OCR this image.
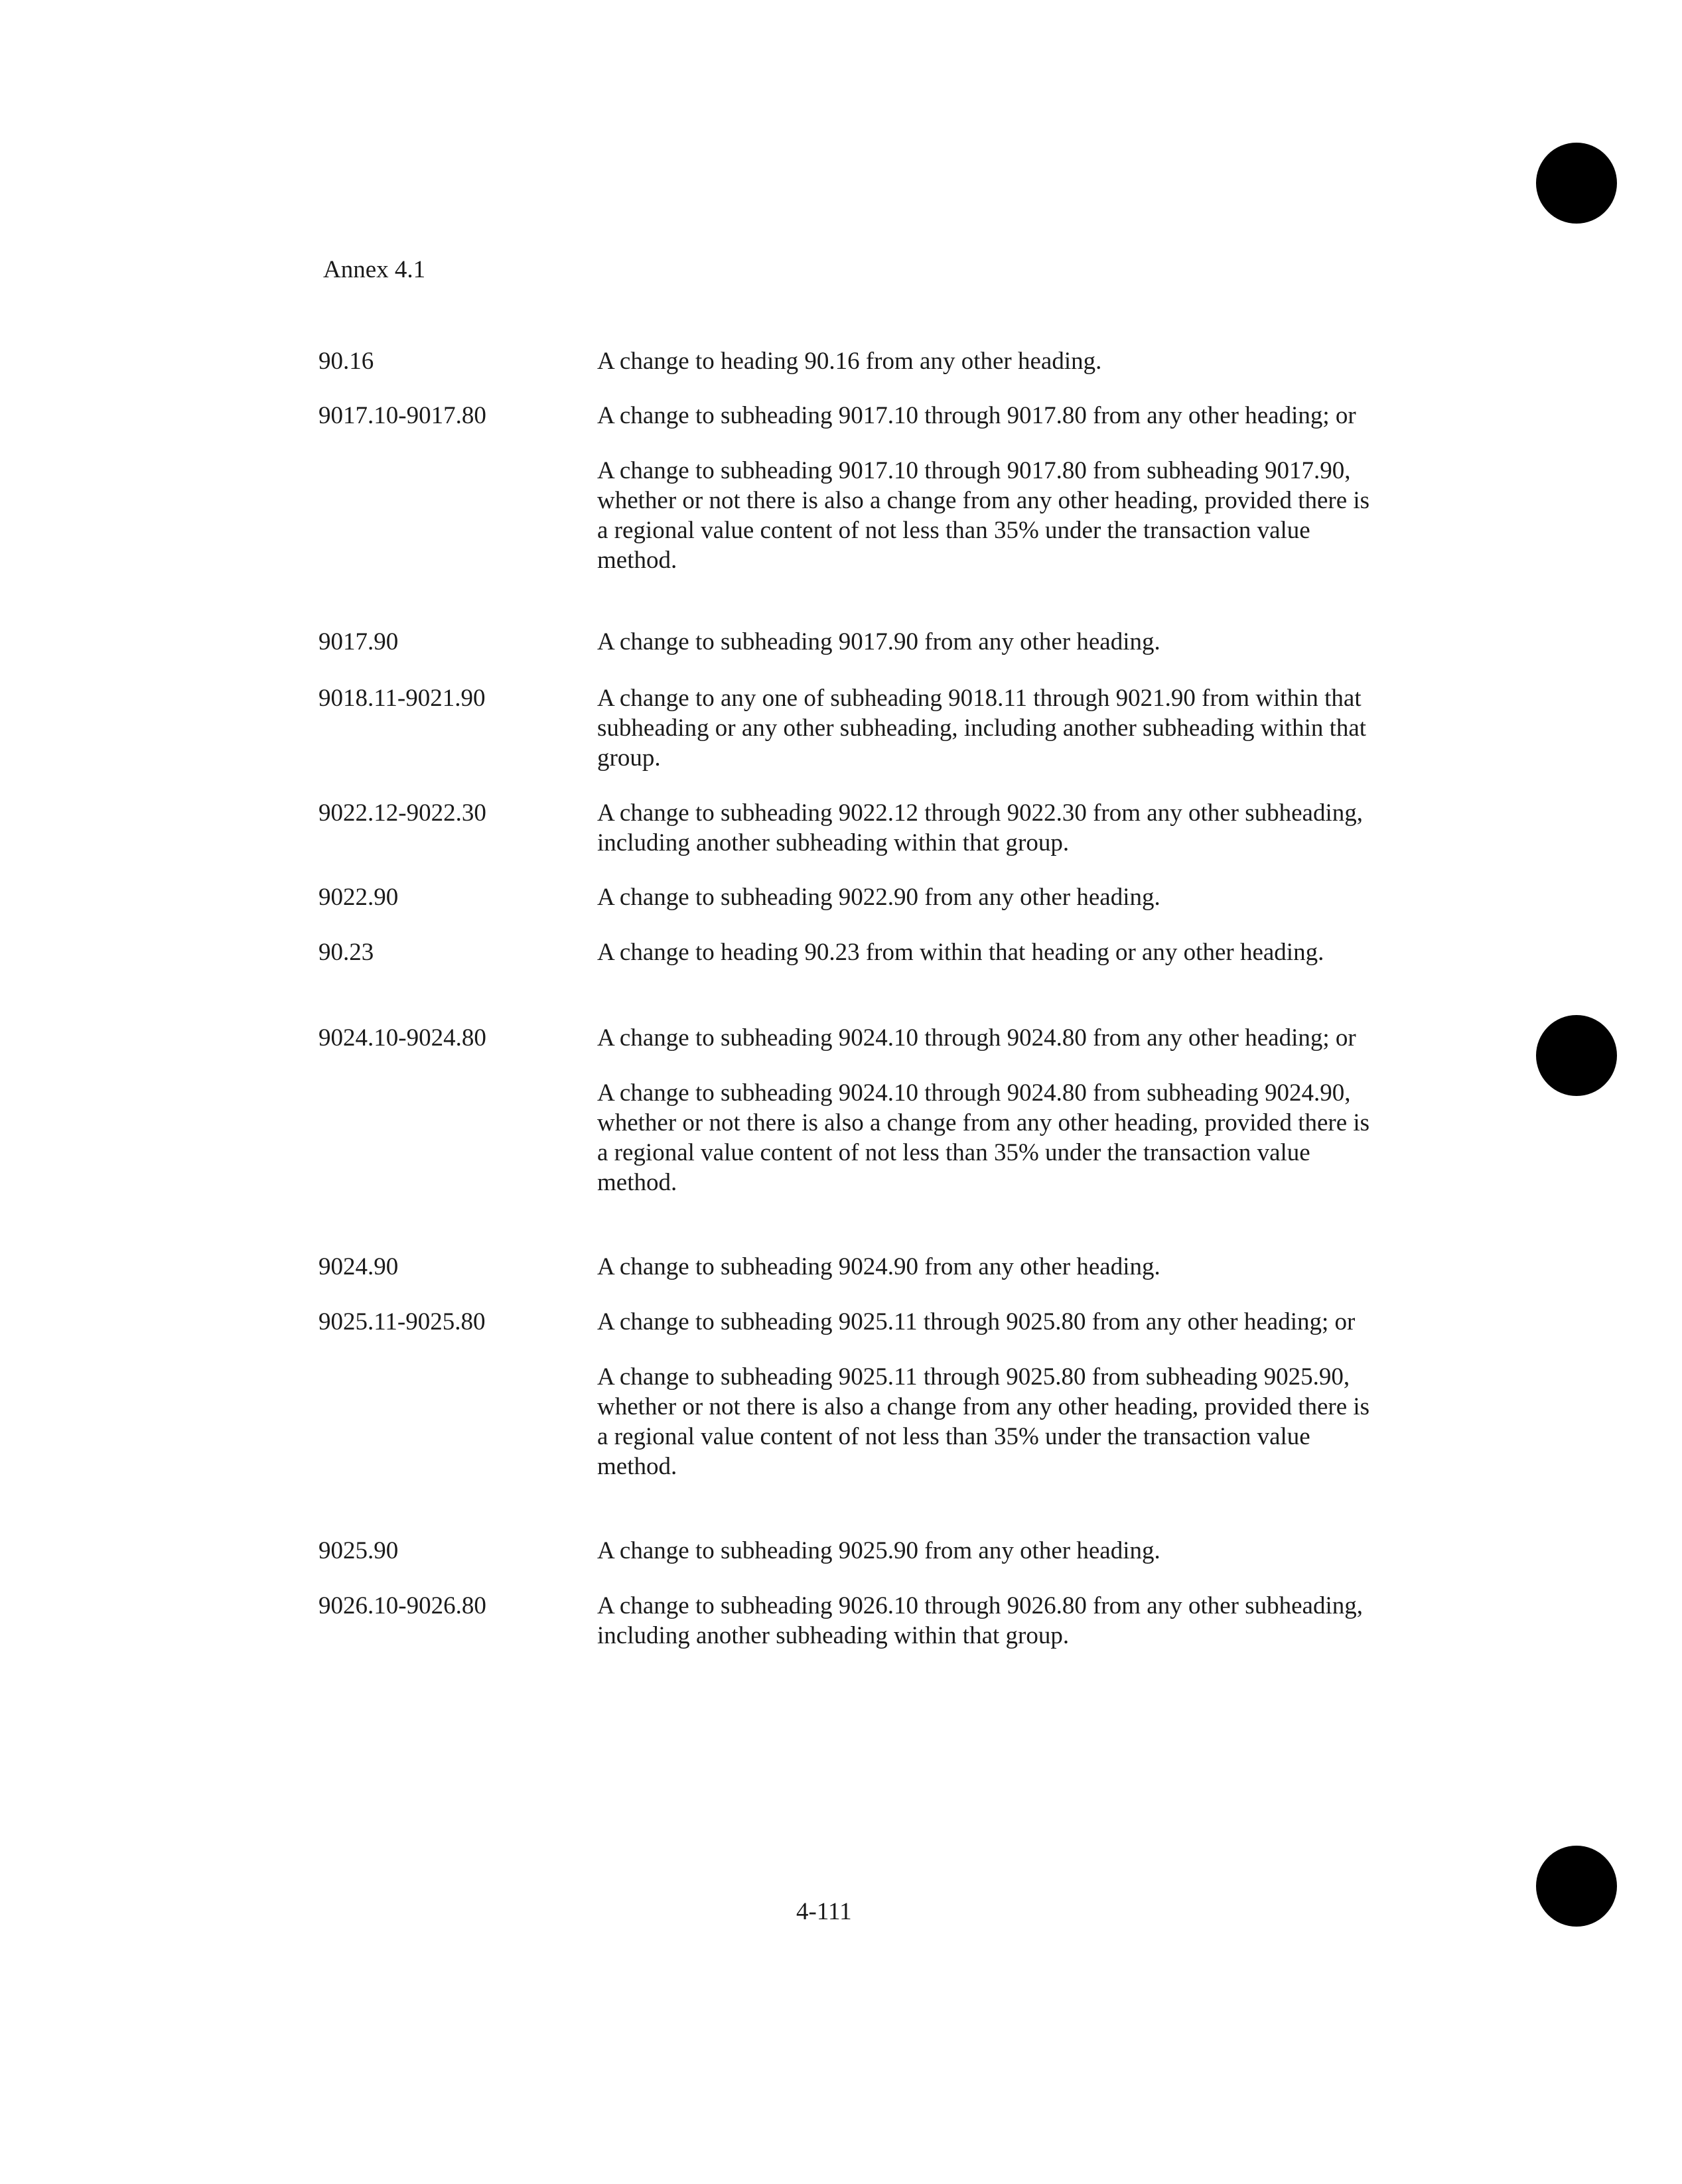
Annex 4.1
90.16	A change to heading 90.16 from any other heading.

9017.10-9017.80	A change to subheading 9017.10 through 9017.80 from any other heading; or

A change to subheading 9017.10 through 9017.80 from subheading 9017.90, whether or not there is also a change from any other heading, provided there is a regional value content of not less than 35% under the transaction value method.

9017.90	A change to subheading 9017.90 from any other heading.

9018.11-9021.90	A change to any one of subheading 9018.11 through 9021.90 from within that subheading or any other subheading, including another subheading within that group.

9022.12-9022.30	A change to subheading 9022.12 through 9022.30 from any other subheading, including another subheading within that group.

9022.90	A change to subheading 9022.90 from any other heading.

90.23	A change to heading 90.23 from within that heading or any other heading.

9024.10-9024.80	A change to subheading 9024.10 through 9024.80 from any other heading; or

A change to subheading 9024.10 through 9024.80 from subheading 9024.90, whether or not there is also a change from any other heading, provided there is a regional value content of not less than 35% under the transaction value method.

9024.90	A change to subheading 9024.90 from any other heading.

9025.11-9025.80	A change to subheading 9025.11 through 9025.80 from any other heading; or

A change to subheading 9025.11 through 9025.80 from subheading 9025.90, whether or not there is also a change from any other heading, provided there is a regional value content of not less than 35% under the transaction value method.

9025.90	A change to subheading 9025.90 from any other heading.

9026.10-9026.80	A change to subheading 9026.10 through 9026.80 from any other subheading, including another subheading within that group.

4-111
